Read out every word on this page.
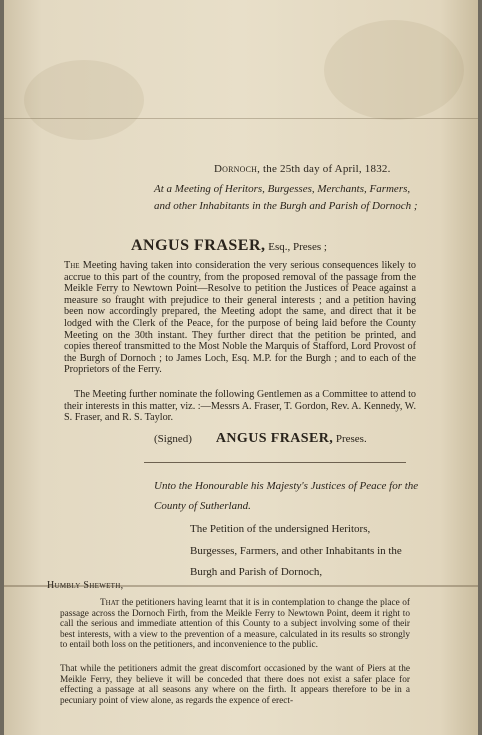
Dornoch, the 25th day of April, 1832.
At a Meeting of Heritors, Burgesses, Merchants, Farmers, and other Inhabitants in the Burgh and Parish of Dornoch ;
ANGUS FRASER, Esq., Preses ;
The Meeting having taken into consideration the very serious consequences likely to accrue to this part of the country, from the proposed removal of the passage from the Meikle Ferry to Newtown Point—Resolve to petition the Justices of Peace against a measure so fraught with prejudice to their general interests ; and a petition having been now accordingly prepared, the Meeting adopt the same, and direct that it be lodged with the Clerk of the Peace, for the purpose of being laid before the County Meeting on the 30th instant. They further direct that the petition be printed, and copies thereof transmitted to the Most Noble the Marquis of Stafford, Lord Provost of the Burgh of Dornoch ; to James Loch, Esq. M.P. for the Burgh ; and to each of the Proprietors of the Ferry.
The Meeting further nominate the following Gentlemen as a Committee to attend to their interests in this matter, viz. :—Messrs A. Fraser, T. Gordon, Rev. A. Kennedy, W. S. Fraser, and R. S. Taylor.
(Signed) ANGUS FRASER, Preses.
Unto the Honourable his Majesty's Justices of Peace for the County of Sutherland.
The Petition of the undersigned Heritors, Burgesses, Farmers, and other Inhabitants in the Burgh and Parish of Dornoch,
Humbly Sheweth,
That the petitioners having learnt that it is in contemplation to change the place of passage across the Dornoch Firth, from the Meikle Ferry to Newtown Point, deem it right to call the serious and immediate attention of this County to a subject involving some of their best interests, with a view to the prevention of a measure, calculated in its results so strongly to entail both loss on the petitioners, and inconvenience to the public.
That while the petitioners admit the great discomfort occasioned by the want of Piers at the Meikle Ferry, they believe it will be conceded that there does not exist a safer place for effecting a passage at all seasons any where on the firth. It appears therefore to be in a pecuniary point of view alone, as regards the expence of erect-
